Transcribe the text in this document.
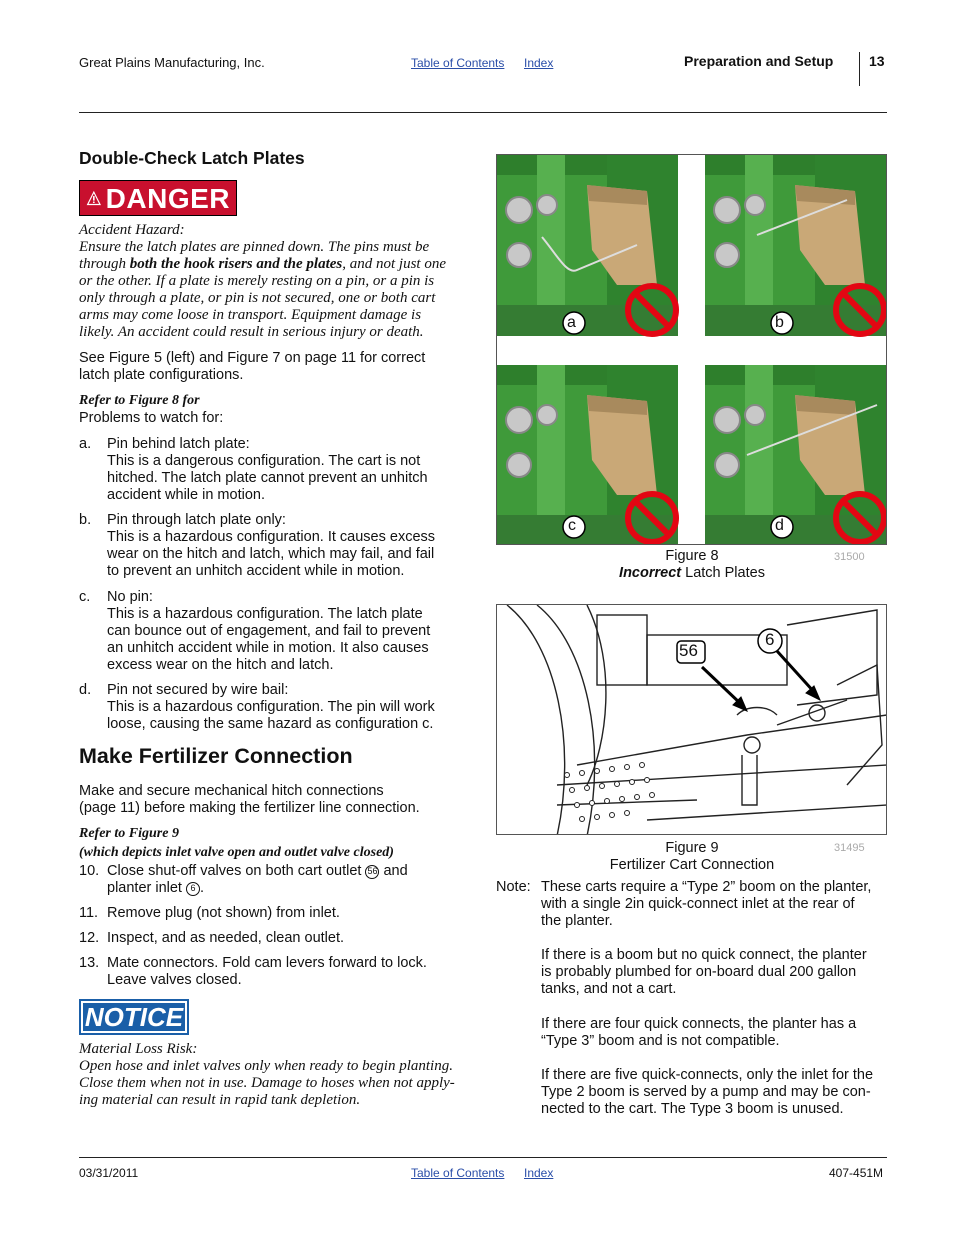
Great Plains Manufacturing, Inc.	Table of Contents Index	Preparation and Setup	13
Double-Check Latch Plates
DANGER
Accident Hazard:
Ensure the latch plates are pinned down. The pins must be
through both the hook risers and the plates, and not just one
or the other. If a plate is merely resting on a pin, or a pin is
only through a plate, or pin is not secured, one or both cart
arms may come loose in transport. Equipment damage is
likely. An accident could result in serious injury or death.
See Figure 5 (left) and Figure 7 on page 11 for correct
latch plate configurations.
Refer to Figure 8 for
Problems to watch for:
a. Pin behind latch plate:
This is a dangerous configuration. The cart is not
hitched. The latch plate cannot prevent an unhitch
accident while in motion.
b. Pin through latch plate only:
This is a hazardous configuration. It causes excess
wear on the hitch and latch, which may fail, and fail
to prevent an unhitch accident while in motion.
c. No pin:
This is a hazardous configuration. The latch plate
can bounce out of engagement, and fail to prevent
an unhitch accident while in motion. It also causes
excess wear on the hitch and latch.
d. Pin not secured by wire bail:
This is a hazardous configuration. The pin will work
loose, causing the same hazard as configuration c.
Make Fertilizer Connection
Make and secure mechanical hitch connections
(page 11) before making the fertilizer line connection.
Refer to Figure 9
(which depicts inlet valve open and outlet valve closed)
10. Close shut-off valves on both cart outlet 56 and
planter inlet 6 .
11. Remove plug (not shown) from inlet.
12. Inspect, and as needed, clean outlet.
13. Mate connectors. Fold cam levers forward to lock.
Leave valves closed.
NOTICE
Material Loss Risk:
Open hose and inlet valves only when ready to begin planting.
Close them when not in use. Damage to hoses when not apply-
ing material can result in rapid tank depletion.
a	b
c	d
Figure 8
Incorrect Latch Plates
31500
56
6
Figure 9
Fertilizer Cart Connection
31495
Note: These carts require a “Type 2” boom on the planter,
with a single 2in quick-connect inlet at the rear of
the planter.
If there is a boom but no quick connect, the planter
is probably plumbed for on-board dual 200 gallon
tanks, and not a cart.
If there are four quick connects, the planter has a
“Type 3” boom and is not compatible.
If there are five quick-connects, only the inlet for the
Type 2 boom is served by a pump and may be con-
nected to the cart. The Type 3 boom is unused.
03/31/2011	Table of Contents Index	407-451M
